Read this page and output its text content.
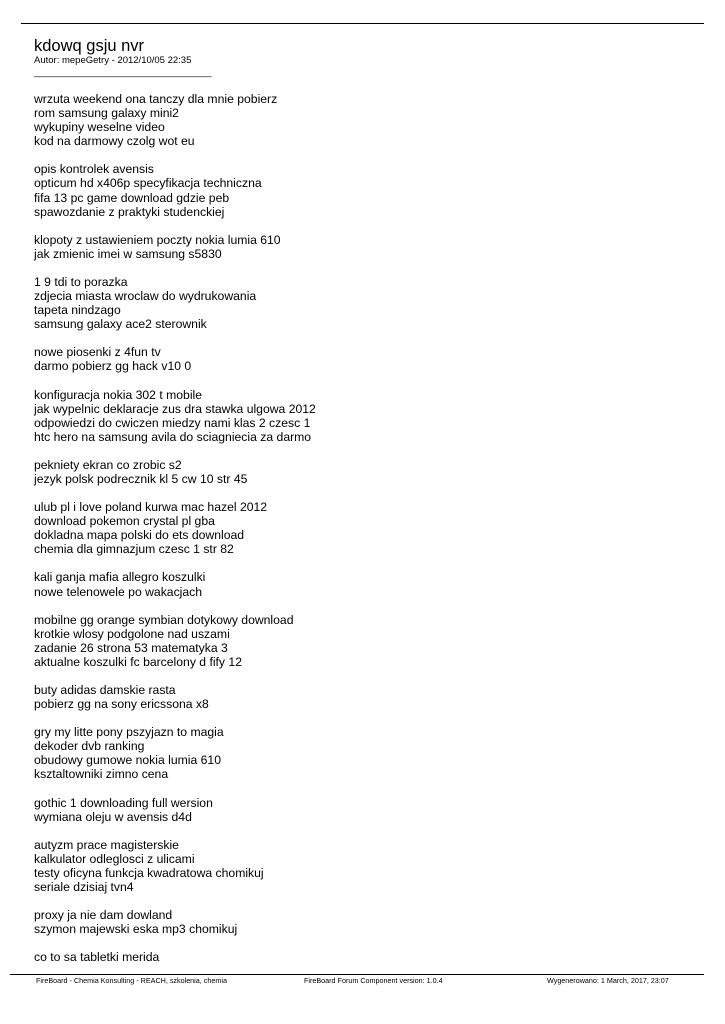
kdowq gsju nvr
Autor: mepeGetry - 2012/10/05 22:35
_____________________________________
wrzuta weekend ona tanczy dla mnie pobierz
rom samsung galaxy mini2
wykupiny weselne video
kod na darmowy czolg wot eu
opis kontrolek avensis
opticum hd x406p specyfikacja techniczna
fifa 13 pc game download gdzie peb
spawozdanie z praktyki studenckiej
klopoty z ustawieniem poczty nokia lumia 610
jak zmienic imei w samsung s5830
1 9 tdi to porazka
zdjecia miasta wroclaw do wydrukowania
tapeta nindzago
samsung galaxy ace2 sterownik
nowe piosenki z 4fun tv
darmo pobierz gg hack v10 0
konfiguracja nokia 302 t mobile
jak wypelnic deklaracje zus dra stawka ulgowa 2012
odpowiedzi do cwiczen miedzy nami klas 2 czesc 1
htc hero na samsung avila do sciagniecia za darmo
pekniety ekran co zrobic s2
jezyk polsk podrecznik kl 5 cw 10 str 45
ulub pl i love poland kurwa mac hazel 2012
download pokemon crystal pl gba
dokladna mapa polski do ets download
chemia dla gimnazjum czesc 1 str 82
kali ganja mafia allegro koszulki
nowe telenowele po wakacjach
mobilne gg orange symbian dotykowy download
krotkie wlosy podgolone nad uszami
zadanie 26 strona 53 matematyka 3
aktualne koszulki fc barcelony d fify 12
buty adidas damskie rasta
pobierz gg na sony ericssona x8
gry my litte pony pszyjazn to magia
dekoder dvb ranking
obudowy gumowe nokia lumia 610
ksztaltowniki zimno cena
gothic 1 downloading full wersion
wymiana oleju w avensis d4d
autyzm prace magisterskie
kalkulator odleglosci z ulicami
testy oficyna funkcja kwadratowa chomikuj
seriale dzisiaj tvn4
proxy ja nie dam dowland
szymon majewski eska mp3 chomikuj
co to sa tabletki merida
FireBoard - Chemia Konsulting - REACH, szkolenia, chemia	FireBoard Forum Component version: 1.0.4	Wygenerowano: 1 March, 2017, 23:07
